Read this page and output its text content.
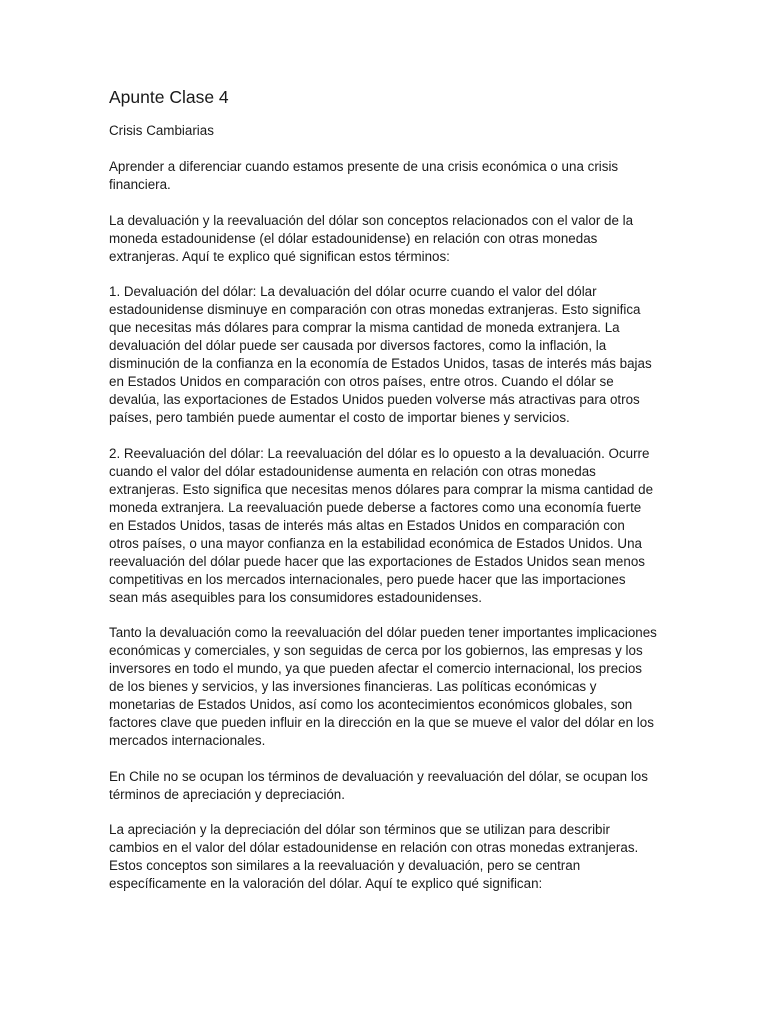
Apunte Clase 4
Crisis Cambiarias
Aprender a diferenciar cuando estamos presente de una crisis económica o una crisis financiera.
La devaluación y la reevaluación del dólar son conceptos relacionados con el valor de la moneda estadounidense (el dólar estadounidense) en relación con otras monedas extranjeras. Aquí te explico qué significan estos términos:
1. Devaluación del dólar: La devaluación del dólar ocurre cuando el valor del dólar estadounidense disminuye en comparación con otras monedas extranjeras. Esto significa que necesitas más dólares para comprar la misma cantidad de moneda extranjera. La devaluación del dólar puede ser causada por diversos factores, como la inflación, la disminución de la confianza en la economía de Estados Unidos, tasas de interés más bajas en Estados Unidos en comparación con otros países, entre otros. Cuando el dólar se devalúa, las exportaciones de Estados Unidos pueden volverse más atractivas para otros países, pero también puede aumentar el costo de importar bienes y servicios.
2. Reevaluación del dólar: La reevaluación del dólar es lo opuesto a la devaluación. Ocurre cuando el valor del dólar estadounidense aumenta en relación con otras monedas extranjeras. Esto significa que necesitas menos dólares para comprar la misma cantidad de moneda extranjera. La reevaluación puede deberse a factores como una economía fuerte en Estados Unidos, tasas de interés más altas en Estados Unidos en comparación con otros países, o una mayor confianza en la estabilidad económica de Estados Unidos. Una reevaluación del dólar puede hacer que las exportaciones de Estados Unidos sean menos competitivas en los mercados internacionales, pero puede hacer que las importaciones sean más asequibles para los consumidores estadounidenses.
Tanto la devaluación como la reevaluación del dólar pueden tener importantes implicaciones económicas y comerciales, y son seguidas de cerca por los gobiernos, las empresas y los inversores en todo el mundo, ya que pueden afectar el comercio internacional, los precios de los bienes y servicios, y las inversiones financieras. Las políticas económicas y monetarias de Estados Unidos, así como los acontecimientos económicos globales, son factores clave que pueden influir en la dirección en la que se mueve el valor del dólar en los mercados internacionales.
En Chile no se ocupan los términos de devaluación y reevaluación del dólar, se ocupan los términos de apreciación y depreciación.
La apreciación y la depreciación del dólar son términos que se utilizan para describir cambios en el valor del dólar estadounidense en relación con otras monedas extranjeras. Estos conceptos son similares a la reevaluación y devaluación, pero se centran específicamente en la valoración del dólar. Aquí te explico qué significan:
